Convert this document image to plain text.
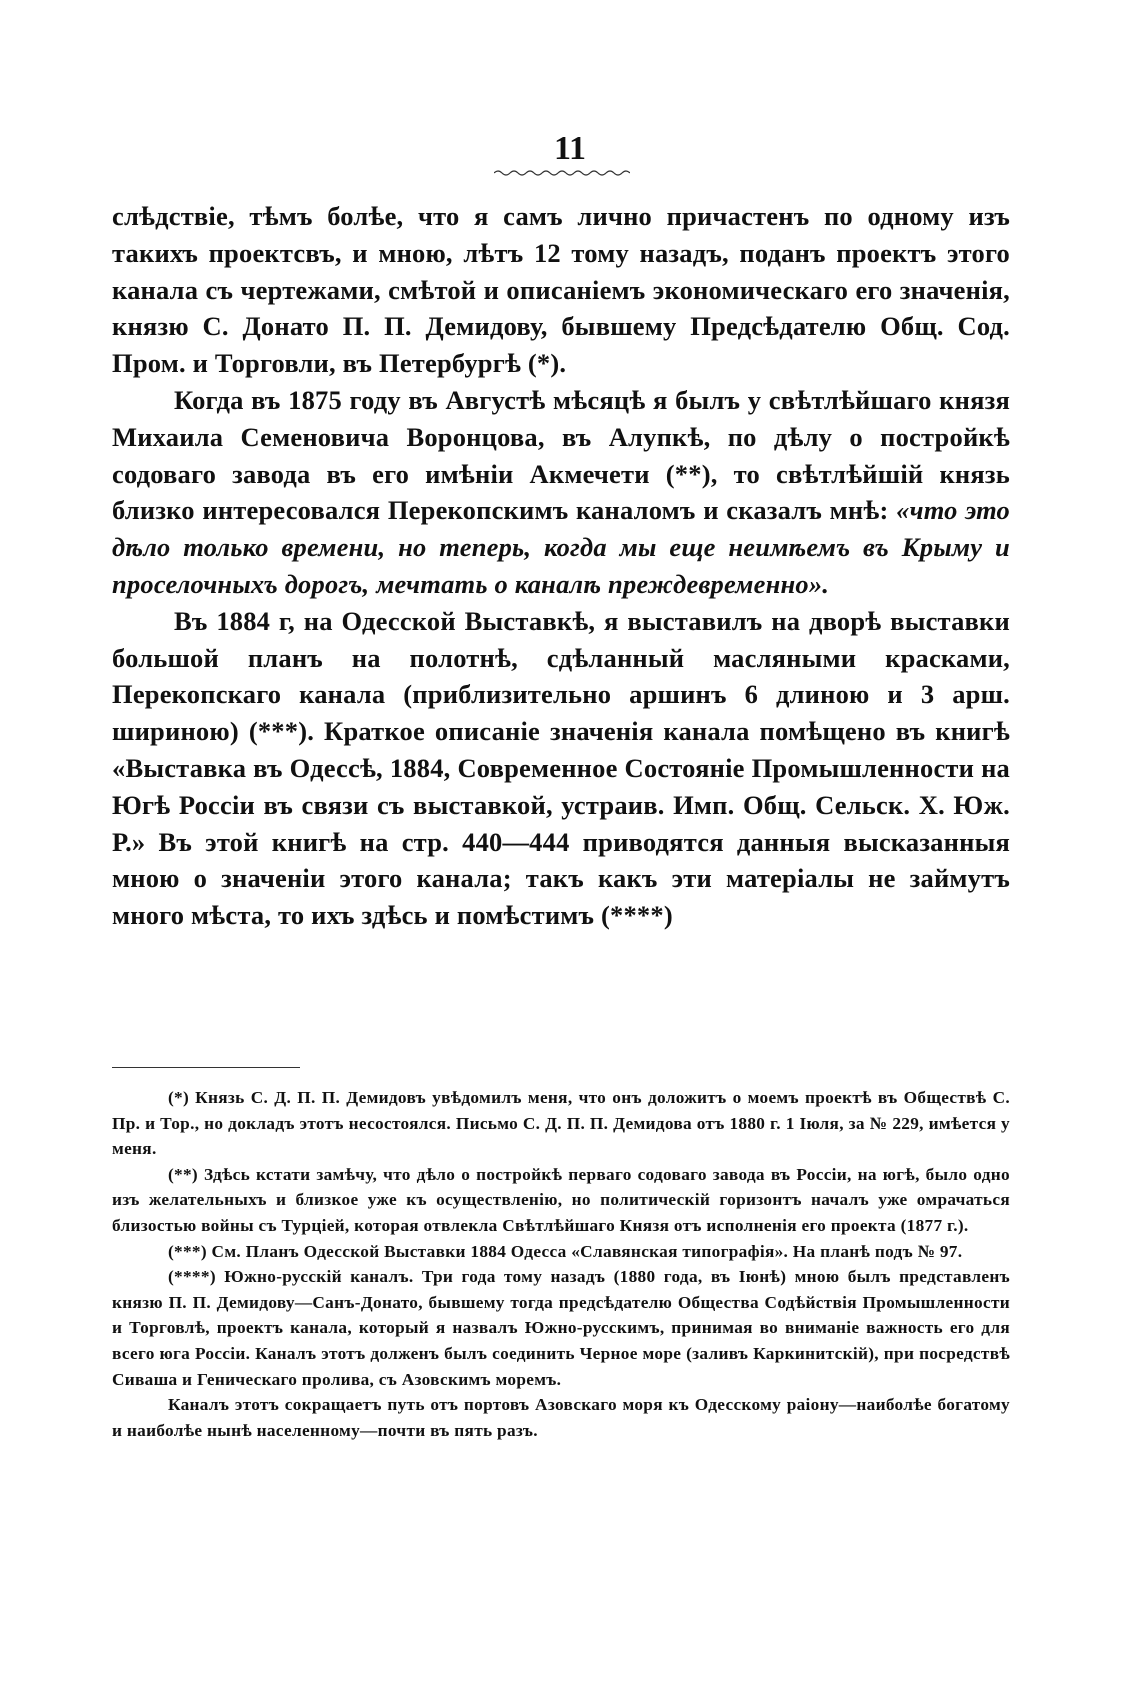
11

слѣдствіе, тѣмъ болѣе, что я самъ лично причастенъ по одному изъ такихъ проектсвъ, и мною, лѣтъ 12 тому назадъ, поданъ проектъ этого канала съ чертежами, смѣтой и описаніемъ экономическаго его значенія, князю С. Донато П. П. Демидову, бывшему Предсѣдателю Общ. Сод. Пром. и Торговли, въ Петербургѣ (*).

Когда въ 1875 году въ Августѣ мѣсяцѣ я былъ у свѣтлѣйшаго князя Михаила Семеновича Воронцова, въ Алупкѣ, по дѣлу о постройкѣ содоваго завода въ его имѣніи Акмечети (**), то свѣтлѣйшій князь близко интересовался Перекопскимъ каналомъ и сказалъ мнѣ: «что это дѣло только времени, но теперь, когда мы еще неимѣемъ въ Крыму и проселочныхъ дорогъ, мечтать о каналѣ преждевременно».

Въ 1884 г, на Одесской Выставкѣ, я выставилъ на дворѣ выставки большой планъ на полотнѣ, сдѣланный масляными красками, Перекопскаго канала (приблизительно аршинъ 6 длиною и 3 арш. шириною) (***). Краткое описаніе значенія канала помѣщено въ книгѣ «Выставка въ Одессѣ, 1884, Современное Состояніе Промышленности на Югѣ Россіи въ связи съ выставкой, устраив. Имп. Общ. Сельск. Х. Юж. Р.» Въ этой книгѣ на стр. 440—444 приводятся данныя высказанныя мною о значеніи этого канала; такъ какъ эти матеріалы не займутъ много мѣста, то ихъ здѣсь и помѣстимъ (****)

(*) Князь С. Д. П. П. Демидовъ увѣдомилъ меня, что онъ доложитъ о моемъ проектѣ въ Обществѣ С. Пр. и Тор., но докладъ этотъ несостоялся. Письмо С. Д. П. П. Демидова отъ 1880 г. 1 Іюля, за № 229, имѣется у меня.

(**) Здѣсь кстати замѣчу, что дѣло о постройкѣ перваго содоваго завода въ Россіи, на югѣ, было одно изъ желательныхъ и близкое уже къ осуществленію, но политическій горизонтъ началъ уже омрачаться близостью войны съ Турціей, которая отвлекла Свѣтлѣйшаго Князя отъ исполненія его проекта (1877 г.).

(***) См. Планъ Одесской Выставки 1884 Одесса «Славянская типографія». На планѣ подъ № 97.

(****) Южно-русскій каналъ. Три года тому назадъ (1880 года, въ Іюнѣ) мною былъ представленъ князю П. П. Демидову—Санъ-Донато, бывшему тогда предсѣдателю Общества Содѣйствія Промышленности и Торговлѣ, проектъ канала, который я назвалъ Южно-русскимъ, принимая во вниманіе важность его для всего юга Россіи. Каналъ этотъ долженъ былъ соединить Черное море (заливъ Каркинитскій), при посредствѣ Сиваша и Геническаго пролива, съ Азовскимъ моремъ.

Каналъ этотъ сокращаетъ путь отъ портовъ Азовскаго моря къ Одесскому раіону—наиболѣе богатому и наиболѣе нынѣ населенному—почти въ пять разъ.
